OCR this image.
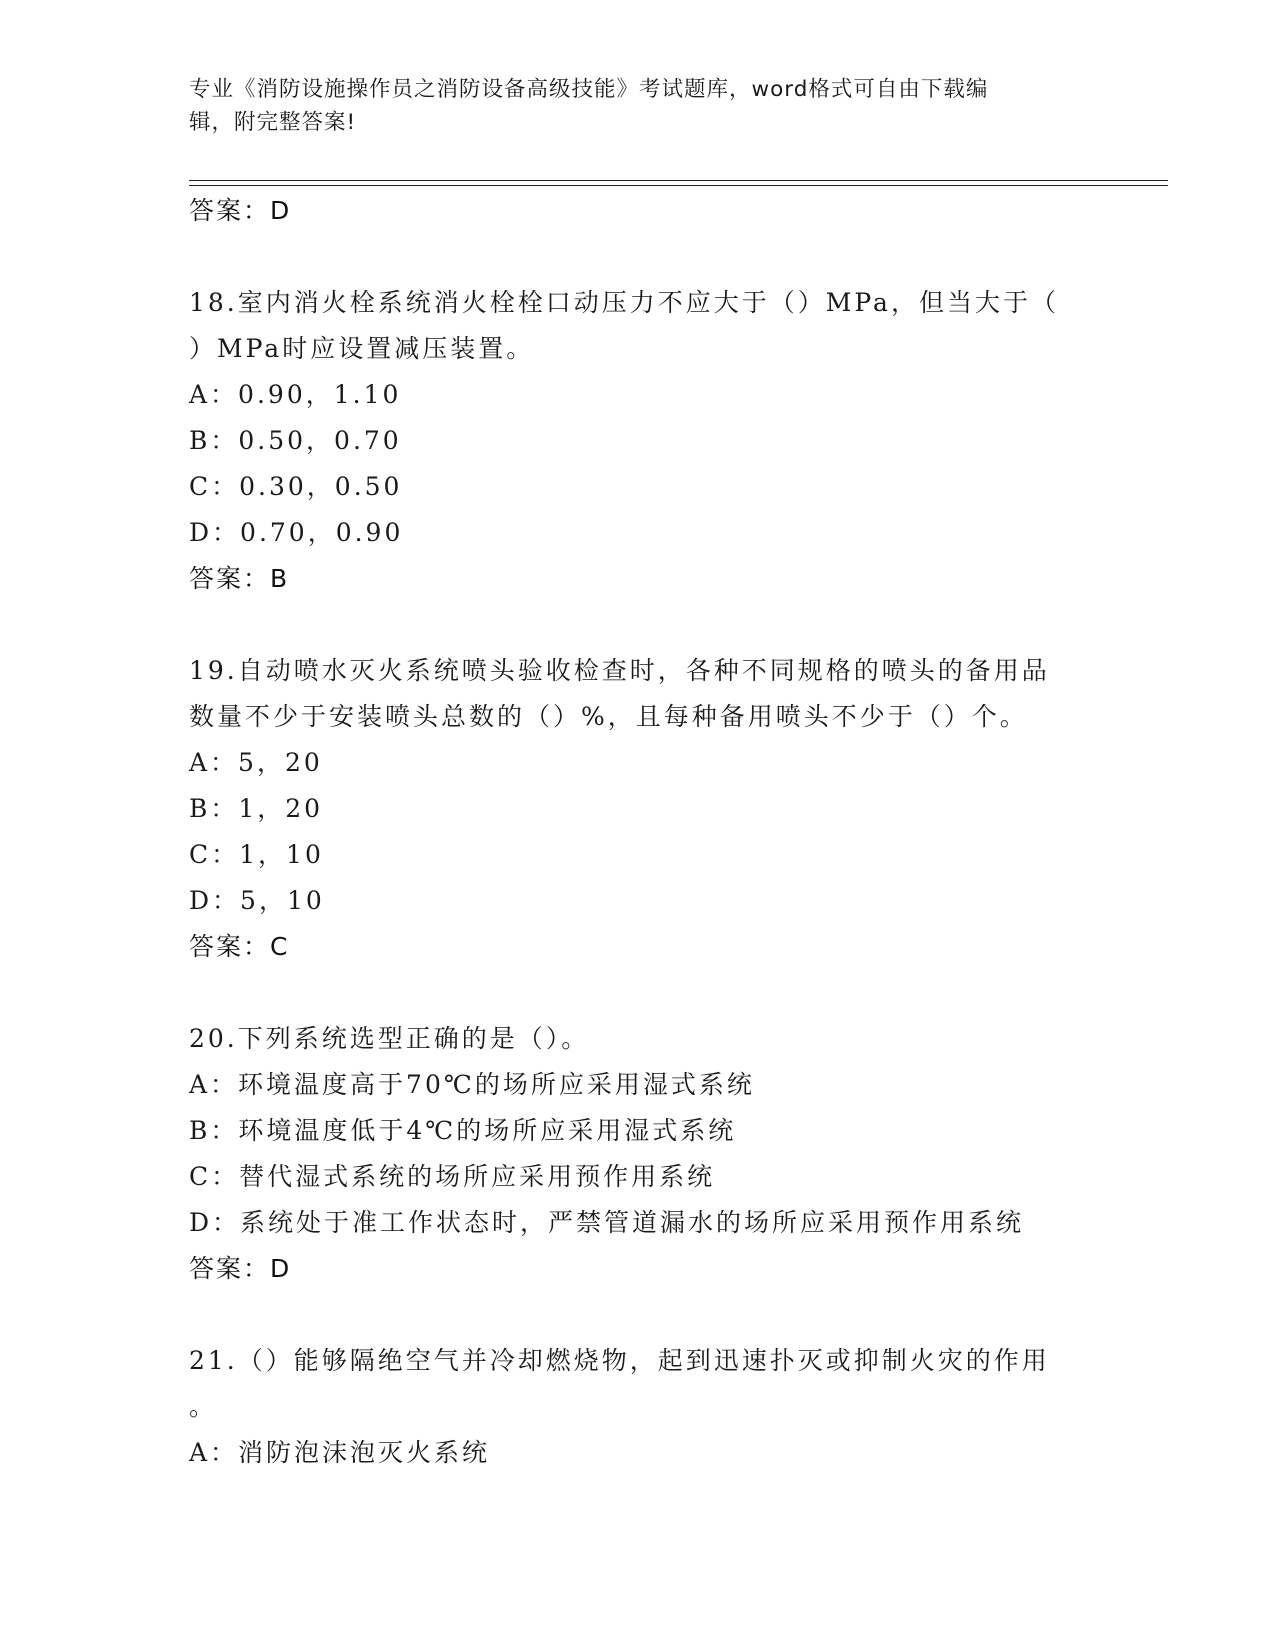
专业《消防设施操作员之消防设备高级技能》考试题库，word格式可自由下载编
辑，附完整答案!
答案：D
18.室内消火栓系统消火栓栓口动压力不应大于（）MPa，但当大于（
）MPa时应设置减压装置。
A：0.90，1.10
B：0.50，0.70
C：0.30，0.50
D：0.70，0.90
答案：B
19.自动喷水灭火系统喷头验收检查时，各种不同规格的喷头的备用品
数量不少于安装喷头总数的（）%，且每种备用喷头不少于（）个。
A：5，20
B：1，20
C：1，10
D：5，10
答案：C
20.下列系统选型正确的是（）。
A：环境温度高于70℃的场所应采用湿式系统
B：环境温度低于4℃的场所应采用湿式系统
C：替代湿式系统的场所应采用预作用系统
D：系统处于准工作状态时，严禁管道漏水的场所应采用预作用系统
答案：D
21.（）能够隔绝空气并冷却燃烧物，起到迅速扑灭或抑制火灾的作用
。
A：消防泡沫泡灭火系统
